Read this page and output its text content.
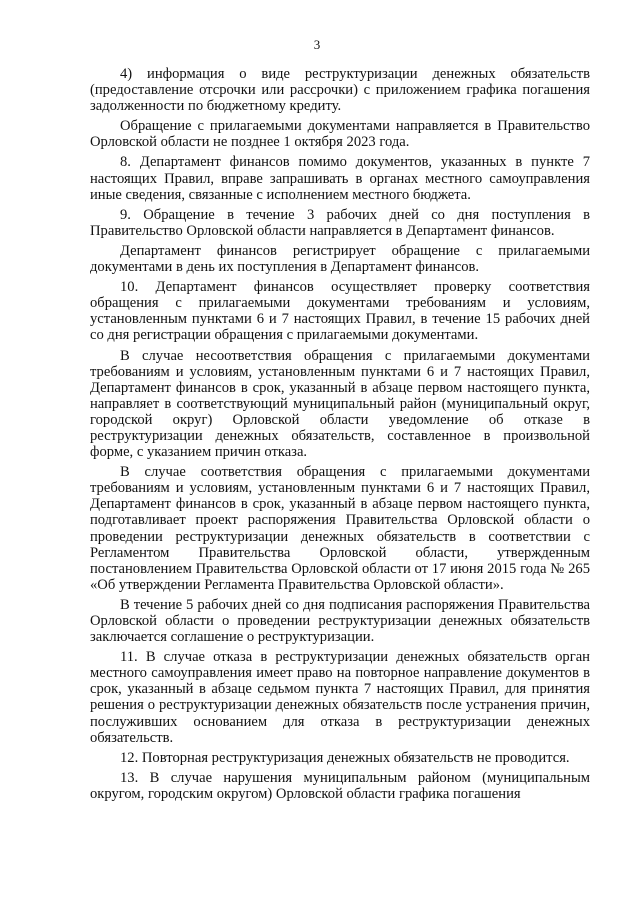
3

4) информация о виде реструктуризации денежных обязательств (предоставление отсрочки или рассрочки) с приложением графика погашения задолженности по бюджетному кредиту.

Обращение с прилагаемыми документами направляется в Правительство Орловской области не позднее 1 октября 2023 года.

8. Департамент финансов помимо документов, указанных в пункте 7 настоящих Правил, вправе запрашивать в органах местного самоуправления иные сведения, связанные с исполнением местного бюджета.

9. Обращение в течение 3 рабочих дней со дня поступления в Правительство Орловской области направляется в Департамент финансов.

Департамент финансов регистрирует обращение с прилагаемыми документами в день их поступления в Департамент финансов.

10. Департамент финансов осуществляет проверку соответствия обращения с прилагаемыми документами требованиям и условиям, установленным пунктами 6 и 7 настоящих Правил, в течение 15 рабочих дней со дня регистрации обращения с прилагаемыми документами.

В случае несоответствия обращения с прилагаемыми документами требованиям и условиям, установленным пунктами 6 и 7 настоящих Правил, Департамент финансов в срок, указанный в абзаце первом настоящего пункта, направляет в соответствующий муниципальный район (муниципальный округ, городской округ) Орловской области уведомление об отказе в реструктуризации денежных обязательств, составленное в произвольной форме, с указанием причин отказа.

В случае соответствия обращения с прилагаемыми документами требованиям и условиям, установленным пунктами 6 и 7 настоящих Правил, Департамент финансов в срок, указанный в абзаце первом настоящего пункта, подготавливает проект распоряжения Правительства Орловской области о проведении реструктуризации денежных обязательств в соответствии с Регламентом Правительства Орловской области, утвержденным постановлением Правительства Орловской области от 17 июня 2015 года № 265 «Об утверждении Регламента Правительства Орловской области».

В течение 5 рабочих дней со дня подписания распоряжения Правительства Орловской области о проведении реструктуризации денежных обязательств заключается соглашение о реструктуризации.

11. В случае отказа в реструктуризации денежных обязательств орган местного самоуправления имеет право на повторное направление документов в срок, указанный в абзаце седьмом пункта 7 настоящих Правил, для принятия решения о реструктуризации денежных обязательств после устранения причин, послуживших основанием для отказа в реструктуризации денежных обязательств.

12. Повторная реструктуризация денежных обязательств не проводится.

13. В случае нарушения муниципальным районом (муниципальным округом, городским округом) Орловской области графика погашения
